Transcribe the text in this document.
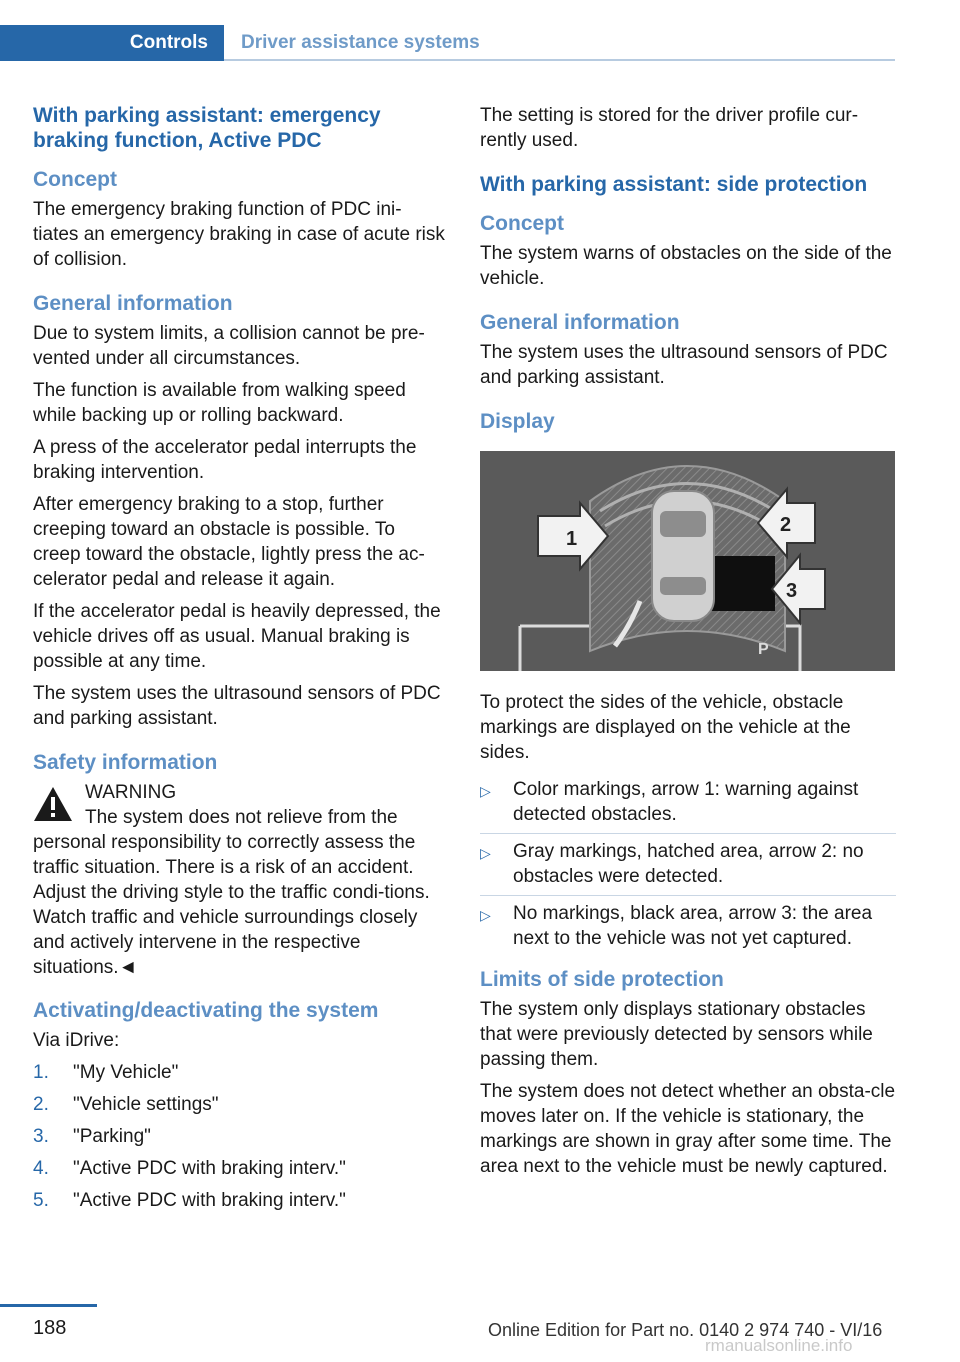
Controls Driver assistance systems
With parking assistant: emergency braking function, Active PDC
Concept

The emergency braking function of PDC ini-tiates an emergency braking in case of acute risk of collision.

General information

Due to system limits, a collision cannot be pre-vented under all circumstances.

The function is available from walking speed while backing up or rolling backward.

A press of the accelerator pedal interrupts the braking intervention.

After emergency braking to a stop, further creeping toward an obstacle is possible. To creep toward the obstacle, lightly press the ac-celerator pedal and release it again.

If the accelerator pedal is heavily depressed, the vehicle drives off as usual. Manual braking is possible at any time.

The system uses the ultrasound sensors of PDC and parking assistant.

Safety information
WARNING
The system does not relieve from the
personal responsibility to correctly assess the traffic situation. There is a risk of an accident. Adjust the driving style to the traffic condi-tions. Watch traffic and vehicle surroundings closely and actively intervene in the respective situations.◄
Activating/deactivating the system

Via iDrive:

1.	"My Vehicle"
2.	"Vehicle settings"
3.	"Parking"
4.	"Active PDC with braking interv."
5.	"Active PDC with braking interv."

The setting is stored for the driver profile cur-rently used.

With parking assistant: side protection
Concept

The system warns of obstacles on the side of the vehicle.

General information

The system uses the ultrasound sensors of PDC and parking assistant.

Display
1
2
3
P

To protect the sides of the vehicle, obstacle markings are displayed on the vehicle at the sides.

▷	Color markings, arrow 1: warning against detected obstacles.
▷	Gray markings, hatched area, arrow 2: no obstacles were detected.
▷	No markings, black area, arrow 3: the area next to the vehicle was not yet captured.
Limits of side protection

The system only displays stationary obstacles that were previously detected by sensors while passing them.

The system does not detect whether an obsta-cle moves later on. If the vehicle is stationary, the markings are shown in gray after some time. The area next to the vehicle must be newly captured.

188	Online Edition for Part no. 0140 2 974 740 - VI/16
rmanualsonline.info
